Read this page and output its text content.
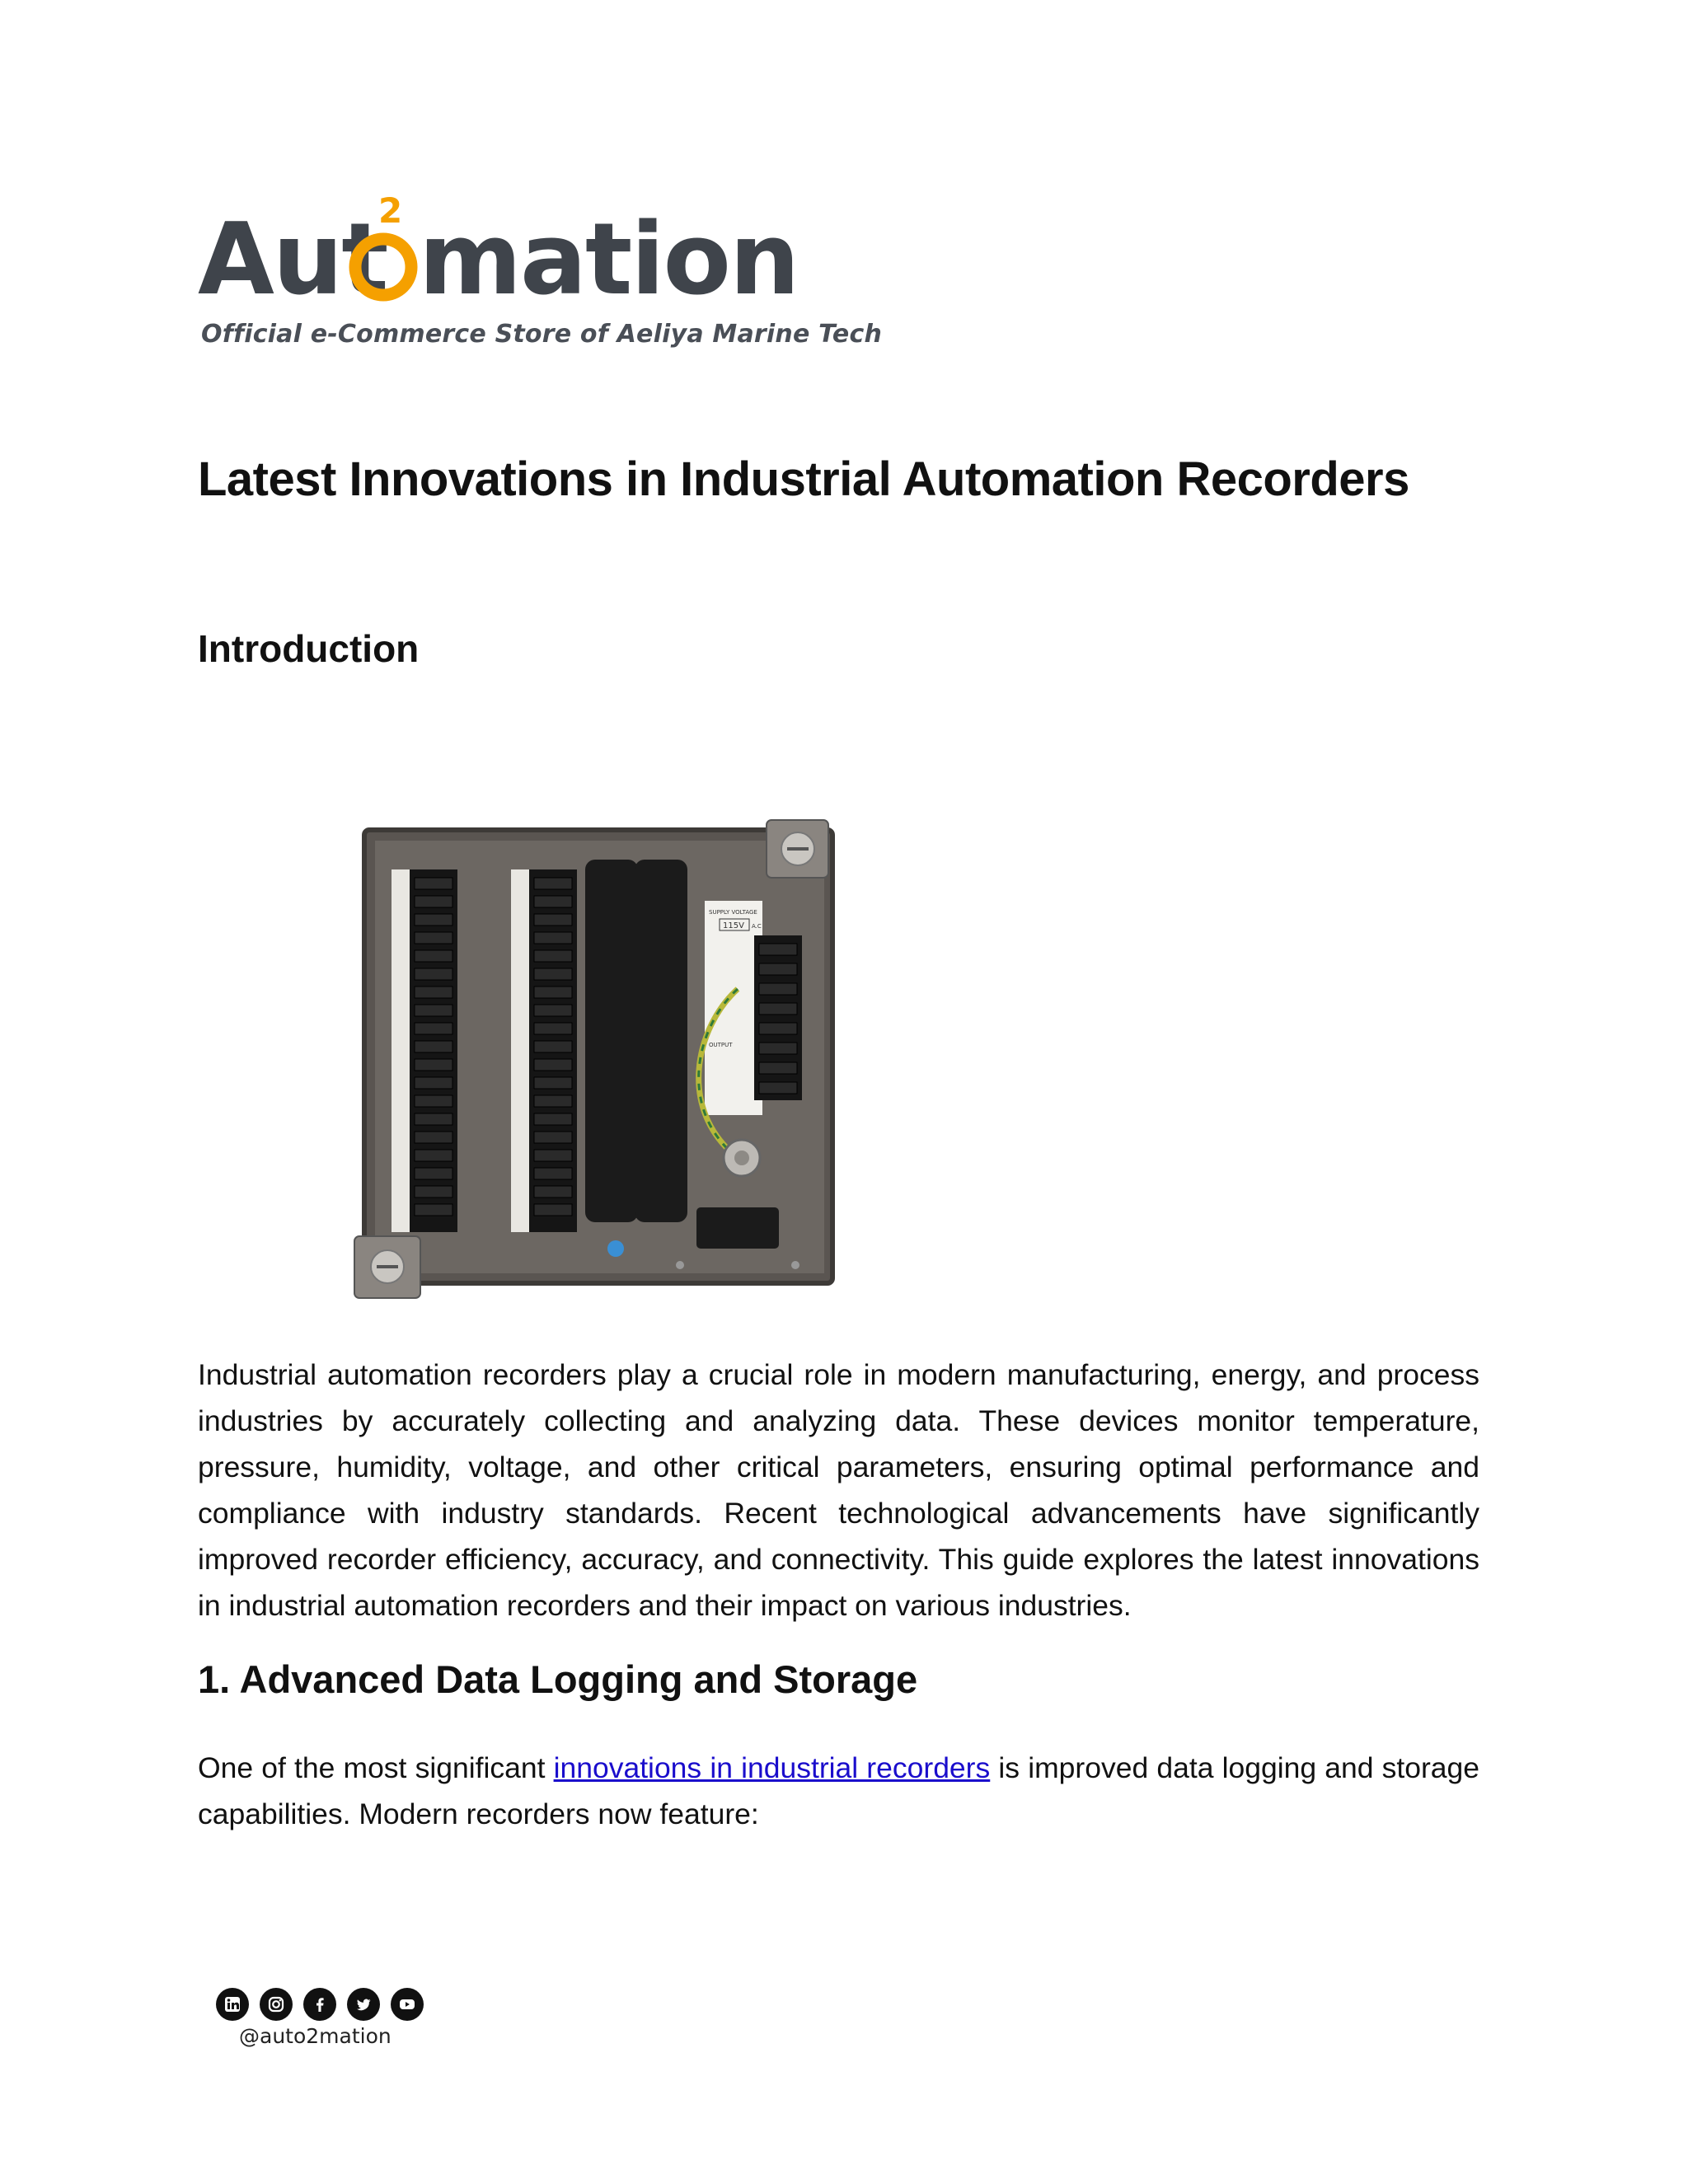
Aut
2 mation
Official e-Commerce Store of Aeliya Marine Tech
Latest Innovations in Industrial Automation Recorders
Introduction
SUPPLY VOLTAGE
115V A.C
OUTPUT

Industrial automation recorders play a crucial role in modern manufacturing, energy, and process industries by accurately collecting and analyzing data. These devices monitor temperature, pressure, humidity, voltage, and other critical parameters, ensuring optimal performance and compliance with industry standards. Recent technological advancements have significantly improved recorder efficiency, accuracy, and connectivity. This guide explores the latest innovations in industrial automation recorders and their impact on various industries.

1. Advanced Data Logging and Storage

One of the most significant innovations in industrial recorders is improved data logging and storage capabilities. Modern recorders now feature:

@auto2mation
